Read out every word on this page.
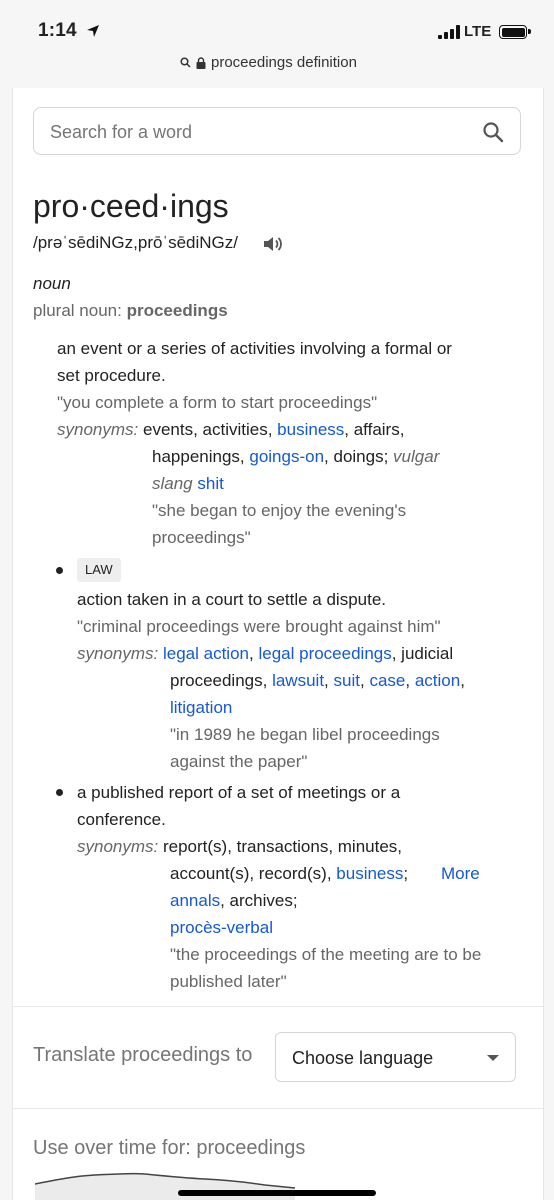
1:14	LTE
proceedings definition
Search for a word
pro·ceed·ings
/prəˈsēdiNGz,prōˈsēdiNGz/
noun
plural noun: proceedings
an event or a series of activities involving a formal or
set procedure.
"you complete a form to start proceedings"
synonyms: events, activities, business, affairs,
happenings, goings-on, doings; vulgar
slang shit
"she began to enjoy the evening's
proceedings"
LAW
action taken in a court to settle a dispute.
"criminal proceedings were brought against him"
synonyms: legal action, legal proceedings, judicial
proceedings, lawsuit, suit, case, action,
litigation
"in 1989 he began libel proceedings
against the paper"
a published report of a set of meetings or a
conference.
synonyms: report(s), transactions, minutes,
account(s), record(s), business; More
annals, archives;
procès-verbal
"the proceedings of the meeting are to be
published later"
Translate proceedings to Choose language
Use over time for: proceedings
